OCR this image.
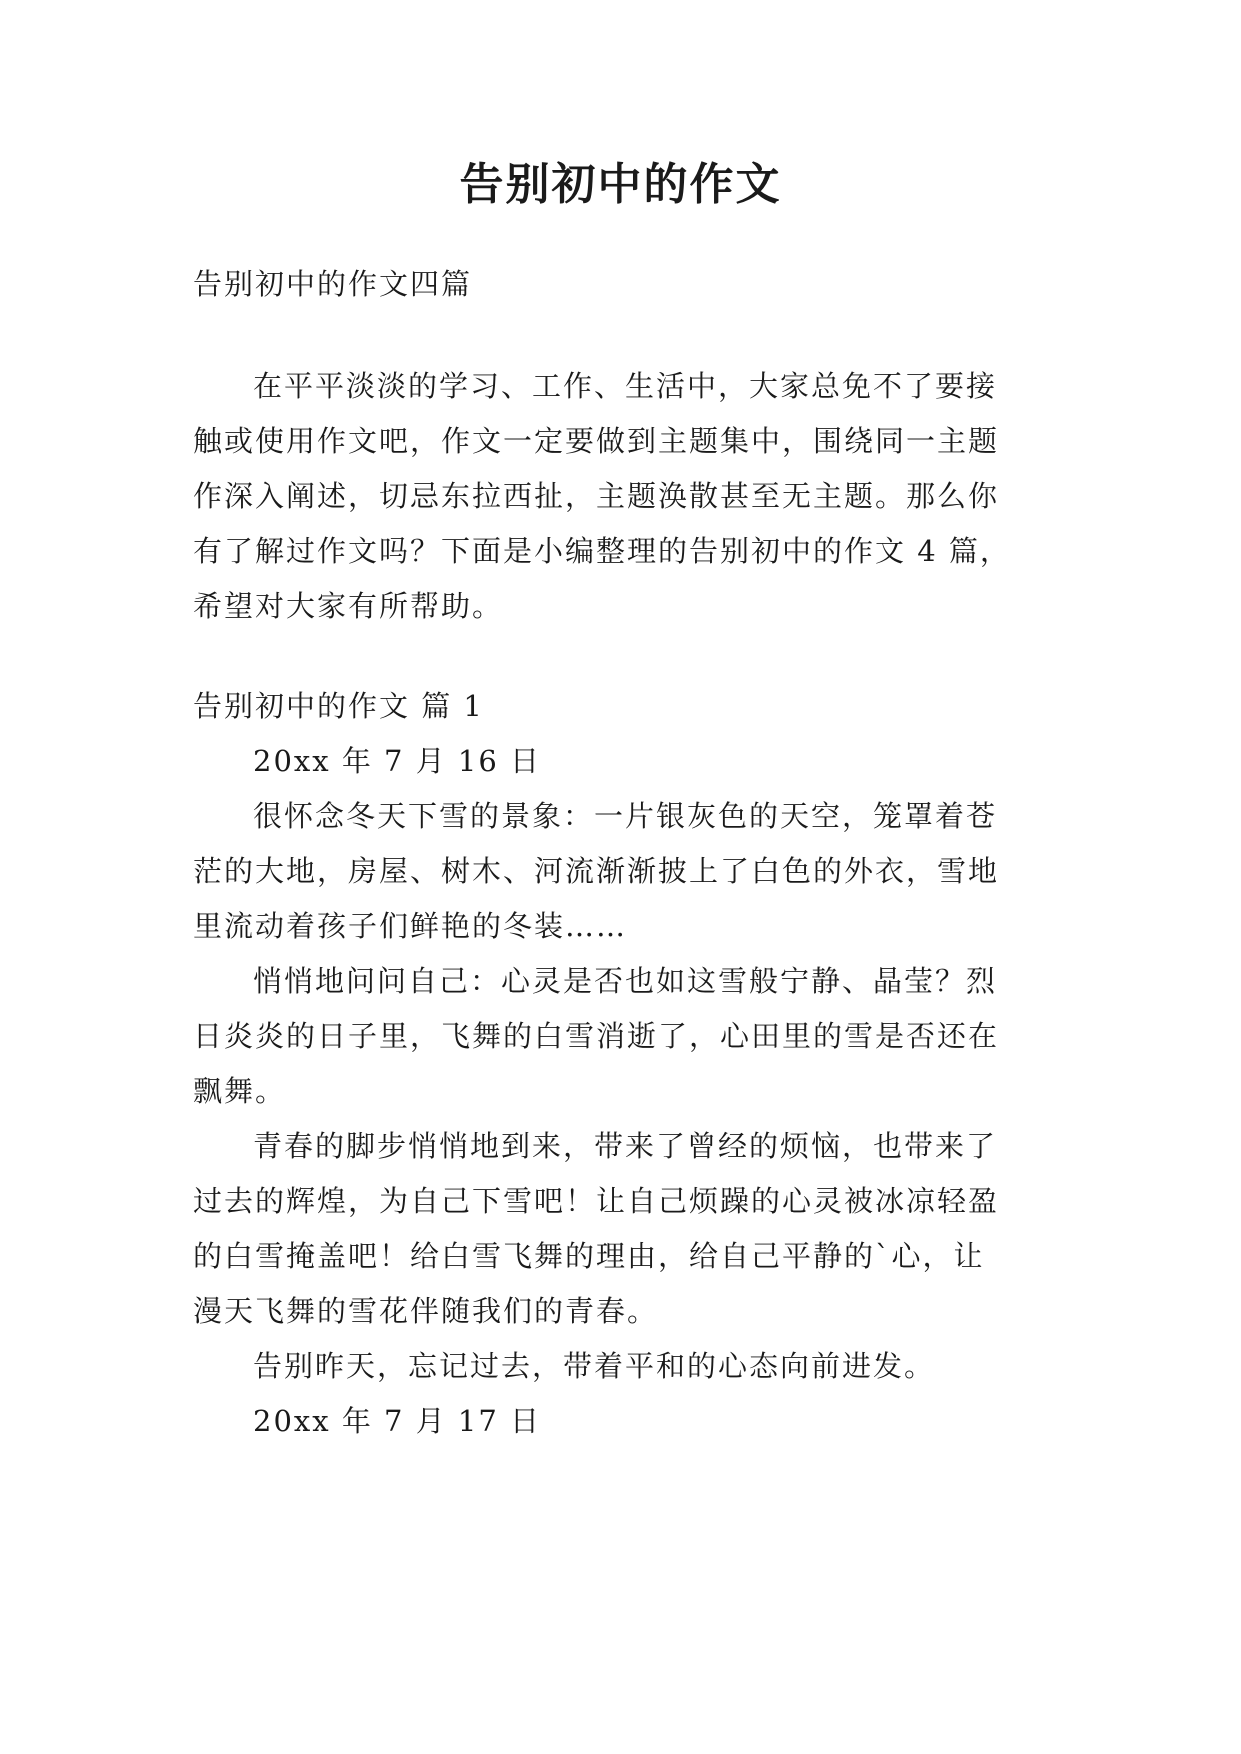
告别初中的作文
告别初中的作文四篇
在平平淡淡的学习、工作、生活中，大家总免不了要接
触或使用作文吧，作文一定要做到主题集中，围绕同一主题
作深入阐述，切忌东拉西扯，主题涣散甚至无主题。那么你
有了解过作文吗？下面是小编整理的告别初中的作文 4 篇，
希望对大家有所帮助。
告别初中的作文 篇 1
20xx 年 7 月 16 日
很怀念冬天下雪的景象：一片银灰色的天空，笼罩着苍
茫的大地，房屋、树木、河流渐渐披上了白色的外衣，雪地
里流动着孩子们鲜艳的冬装……
悄悄地问问自己：心灵是否也如这雪般宁静、晶莹？烈
日炎炎的日子里，飞舞的白雪消逝了，心田里的雪是否还在
飘舞。
青春的脚步悄悄地到来，带来了曾经的烦恼，也带来了
过去的辉煌，为自己下雪吧！让自己烦躁的心灵被冰凉轻盈
的白雪掩盖吧！给白雪飞舞的理由，给自己平静的`心，让
漫天飞舞的雪花伴随我们的青春。
告别昨天，忘记过去，带着平和的心态向前进发。
20xx 年 7 月 17 日
